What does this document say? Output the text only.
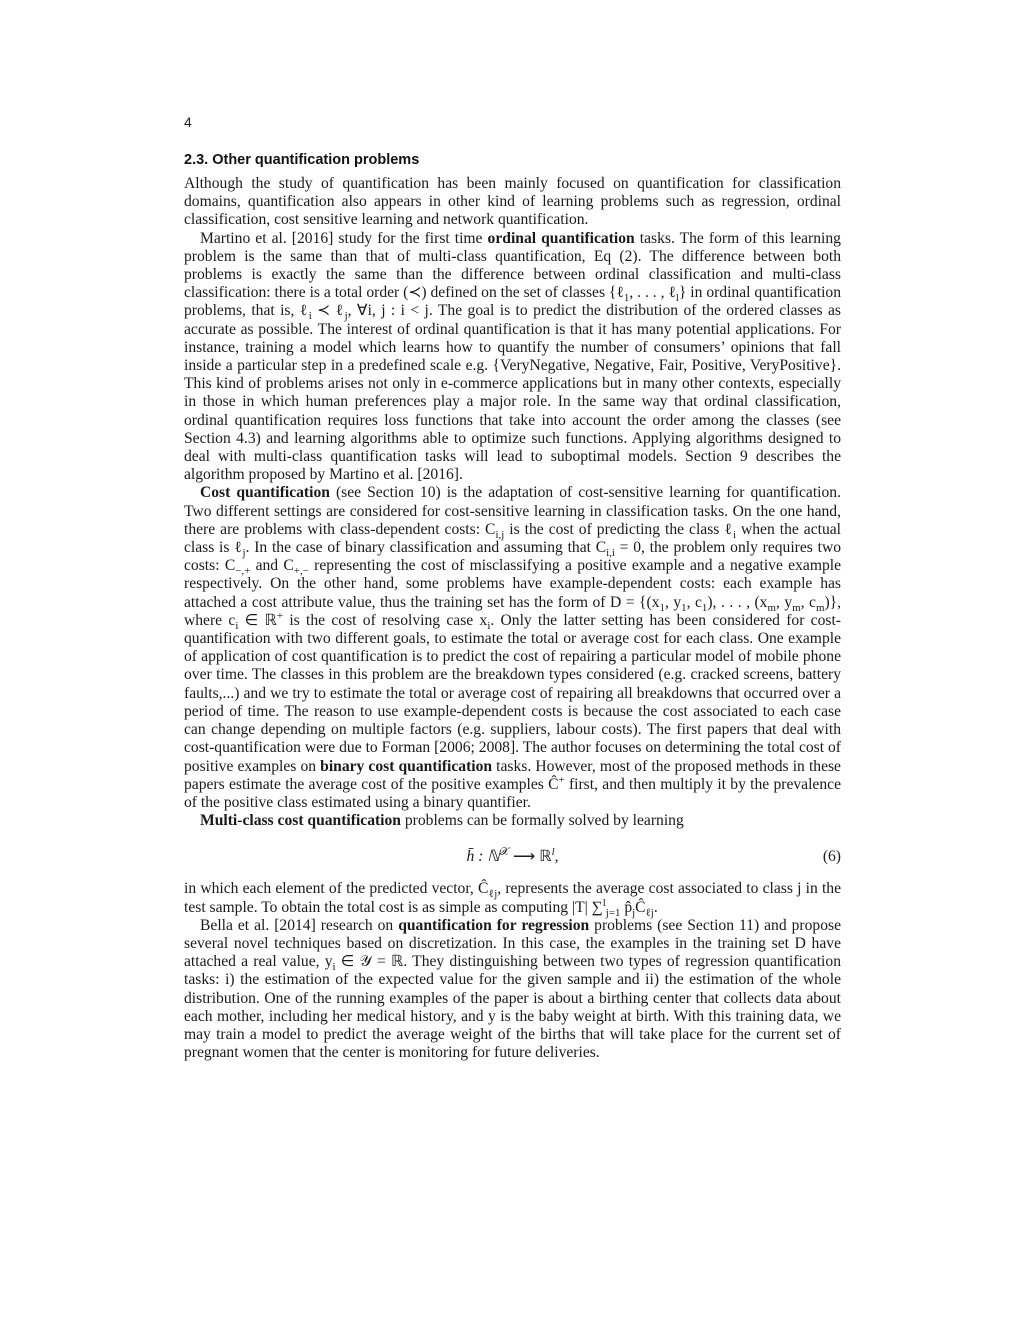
4
2.3. Other quantification problems

Although the study of quantification has been mainly focused on quantification for classification domains, quantification also appears in other kind of learning problems such as regression, ordinal classification, cost sensitive learning and network quantification.

Martino et al. [2016] study for the first time ordinal quantification tasks. The form of this learning problem is the same than that of multi-class quantification, Eq (2). The difference between both problems is exactly the same than the difference between ordinal classification and multi-class classification: there is a total order (≺) defined on the set of classes {ℓ$_1$, . . . , ℓ$_l$} in ordinal quantification problems, that is, ℓ$_i$ ≺ ℓ$_j$, ∀i, j : i < j. The goal is to predict the distribution of the ordered classes as accurate as possible. The interest of ordinal quantification is that it has many potential applications. For instance, training a model which learns how to quantify the number of consumers’ opinions that fall inside a particular step in a predefined scale e.g. {VeryNegative, Negative, Fair, Positive, VeryPositive}. This kind of problems arises not only in e-commerce applications but in many other contexts, especially in those in which human preferences play a major role. In the same way that ordinal classification, ordinal quantification requires loss functions that take into account the order among the classes (see Section 4.3) and learning algorithms able to optimize such functions. Applying algorithms designed to deal with multi-class quantification tasks will lead to suboptimal models. Section 9 describes the algorithm proposed by Martino et al. [2016].

Cost quantification (see Section 10) is the adaptation of cost-sensitive learning for quantification. Two different settings are considered for cost-sensitive learning in classification tasks. On the one hand, there are problems with class-dependent costs: $C_{i,j}$ is the cost of predicting the class ℓ$_i$ when the actual class is ℓ$_j$. In the case of binary classification and assuming that $C_{i,i} = 0$, the problem only requires two costs: $C_{-,+}$ and $C_{+,-}$ representing the cost of misclassifying a positive example and a negative example respectively. On the other hand, some problems have example-dependent costs: each example has attached a cost attribute value, thus the training set has the form of $D = \{(x_1$, $y_1$, $c_1$), . . . , ($x_m$, $y_m$, $c_m$)}, where $c_i$ ∈ ℝ+ is the cost of resolving case $x_i$. Only the latter setting has been considered for cost-quantification with two different goals, to estimate the total or average cost for each class. One example of application of cost quantification is to predict the cost of repairing a particular model of mobile phone over time. The classes in this problem are the breakdown types considered (e.g. cracked screens, battery faults,...) and we try to estimate the total or average cost of repairing all breakdowns that occurred over a period of time. The reason to use example-dependent costs is because the cost associated to each case can change depending on multiple factors (e.g. suppliers, labour costs). The first papers that deal with cost-quantification were due to Forman [2006; 2008]. The author focuses on determining the total cost of positive examples on binary cost quantification tasks. However, most of the proposed methods in these papers estimate the average cost of the positive examples Ĉ+ first, and then multiply it by the prevalence of the positive class estimated using a binary quantifier.

Multi-class cost quantification problems can be formally solved by learning

h̄ : ℕ$^𝒳$ ⟶ ℝ$^l$,	(6)

in which each element of the predicted vector, $Ĉ_{\ell j}$, represents the average cost associated to class j in the test sample. To obtain the total cost is as simple as computing |T| ∑$^l_{j=1}$ $p̂_jĈ_{\ell j}$.

Bella et al. [2014] research on quantification for regression problems (see Section 11) and propose several novel techniques based on discretization. In this case, the examples in the training set D have attached a real value, $y_i$ ∈ 𝒴 = ℝ. They distinguishing between two types of regression quantification tasks: i) the estimation of the expected value for the given sample and ii) the estimation of the whole distribution. One of the running examples of the paper is about a birthing center that collects data about each mother, including her medical history, and y is the baby weight at birth. With this training data, we may train a model to predict the average weight of the births that will take place for the current set of pregnant women that the center is monitoring for future deliveries.
